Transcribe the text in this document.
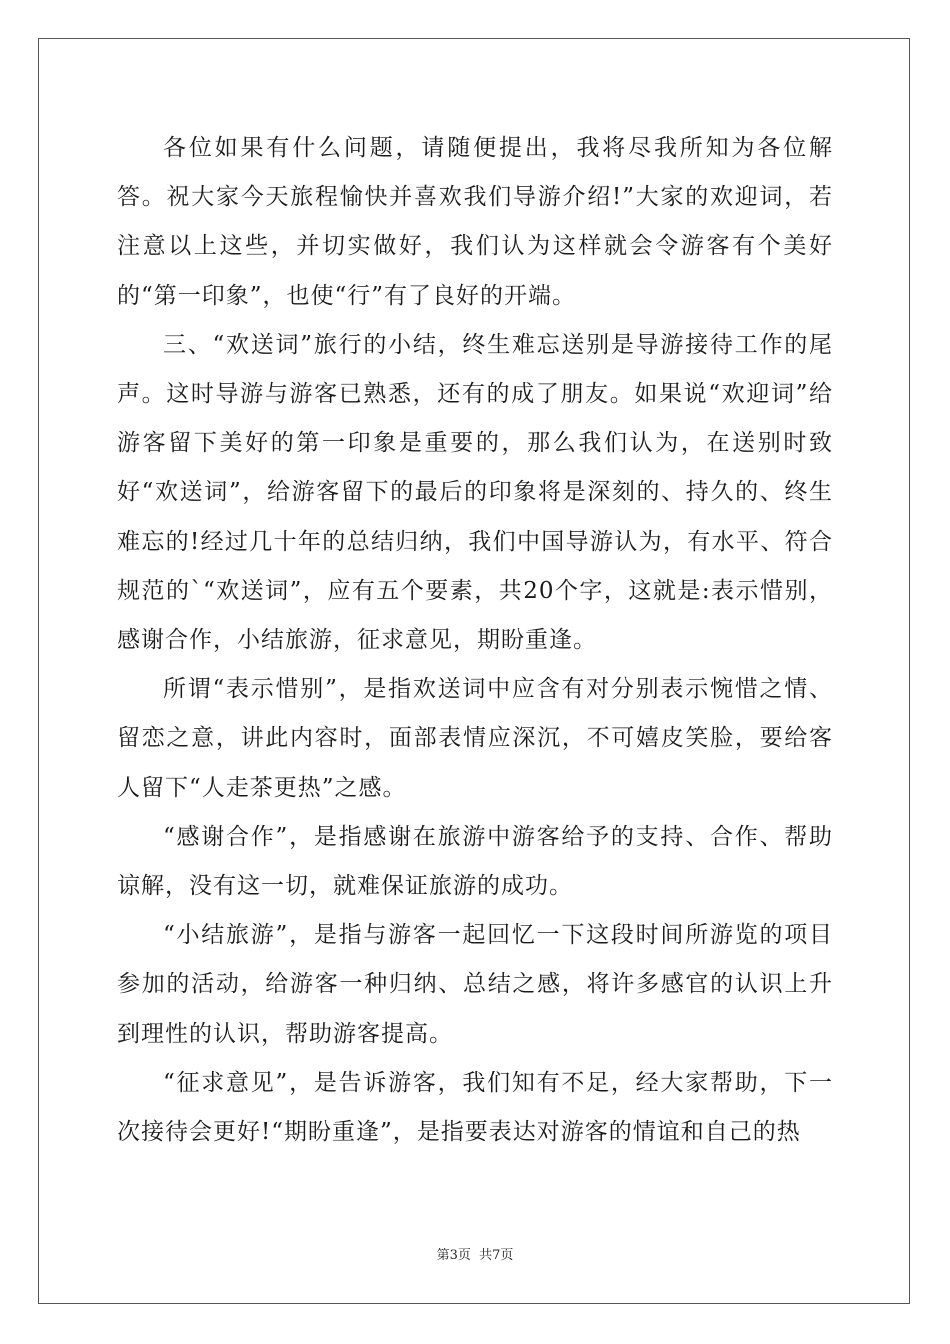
各位如果有什么问题，请随便提出，我将尽我所知为各位解答。祝大家今天旅程愉快并喜欢我们导游介绍!”大家的欢迎词，若注意以上这些，并切实做好，我们认为这样就会令游客有个美好的“第一印象”，也使“行”有了良好的开端。

三、“欢送词”旅行的小结，终生难忘送别是导游接待工作的尾声。这时导游与游客已熟悉，还有的成了朋友。如果说“欢迎词”给游客留下美好的第一印象是重要的，那么我们认为，在送别时致好“欢送词”，给游客留下的最后的印象将是深刻的、持久的、终生难忘的!经过几十年的总结归纳，我们中国导游认为，有水平、符合规范的`“欢送词”，应有五个要素，共20个字，这就是:表示惜别，感谢合作，小结旅游，征求意见，期盼重逢。

所谓“表示惜别”，是指欢送词中应含有对分别表示惋惜之情、留恋之意，讲此内容时，面部表情应深沉，不可嬉皮笑脸，要给客人留下“人走茶更热”之感。

“感谢合作”，是指感谢在旅游中游客给予的支持、合作、帮助谅解，没有这一切，就难保证旅游的成功。

“小结旅游”，是指与游客一起回忆一下这段时间所游览的项目参加的活动，给游客一种归纳、总结之感，将许多感官的认识上升到理性的认识，帮助游客提高。

“征求意见”，是告诉游客，我们知有不足，经大家帮助，下一次接待会更好!“期盼重逢”，是指要表达对游客的情谊和自己的热

第3页 共7页
